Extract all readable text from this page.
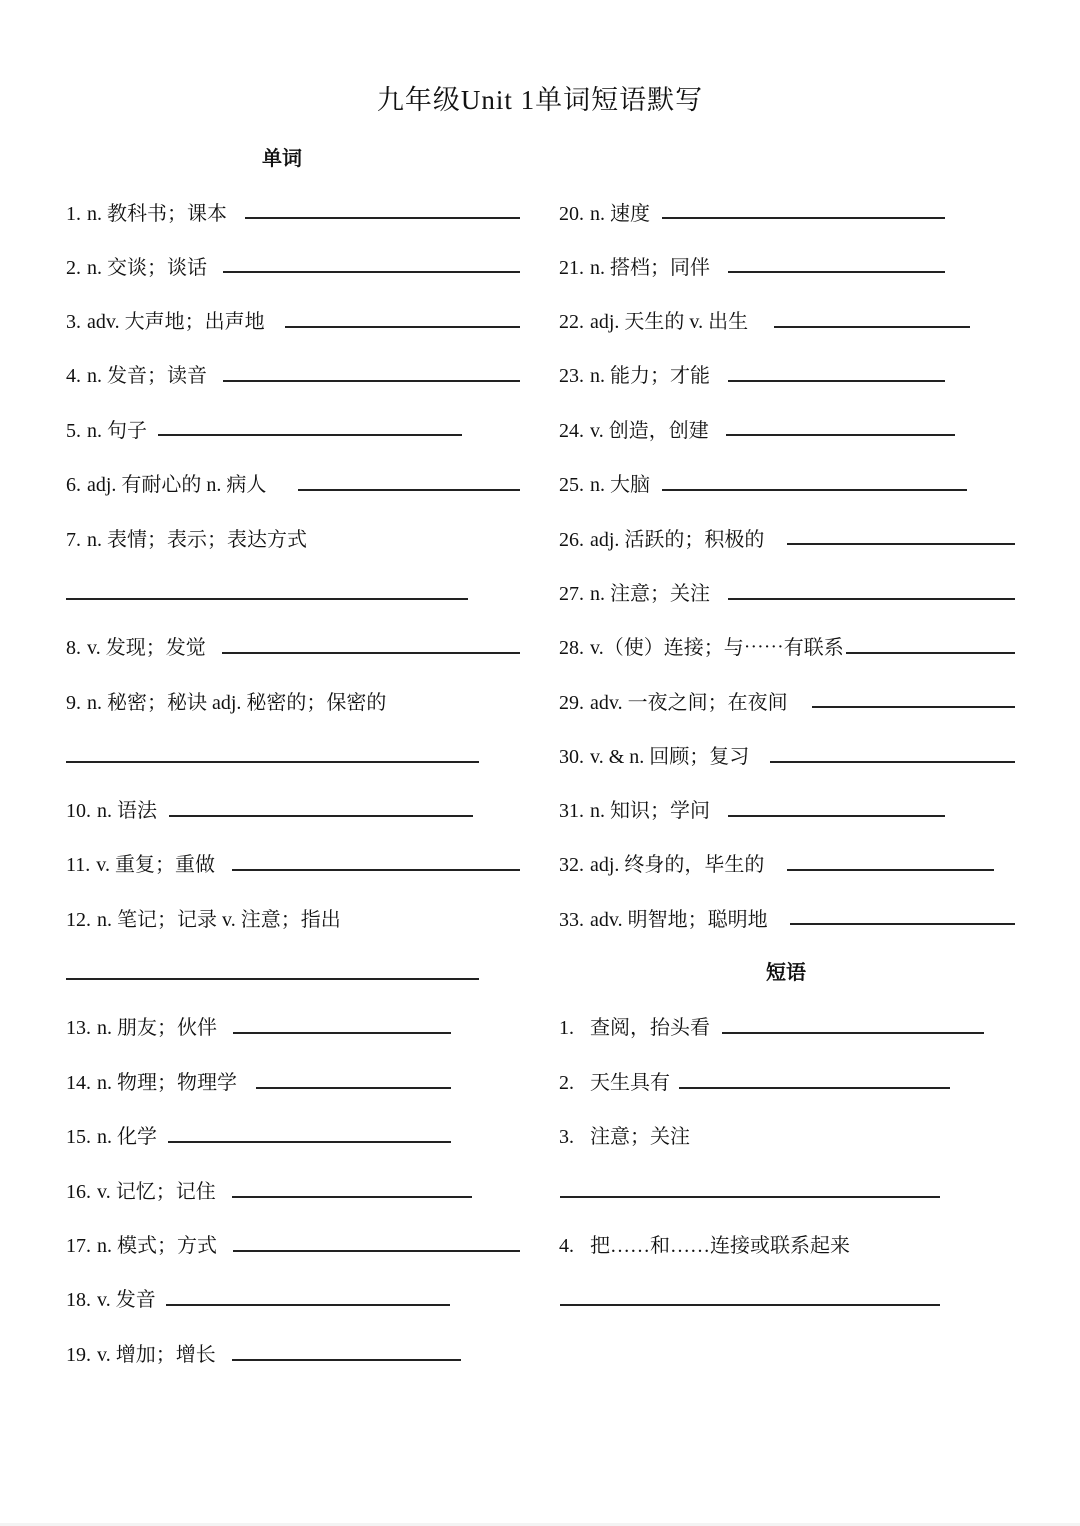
九年级Unit 1单词短语默写
单词
短语
1. n. 教科书；课本
2. n. 交谈；谈话
3. adv. 大声地；出声地
4. n. 发音；读音
5. n. 句子
6. adj. 有耐心的 n. 病人
7. n. 表情；表示；表达方式
8. v. 发现；发觉
9. n. 秘密；秘诀 adj. 秘密的；保密的
10. n. 语法
11. v. 重复；重做
12. n. 笔记；记录 v. 注意；指出
13. n. 朋友；伙伴
14. n. 物理；物理学
15. n. 化学
16. v. 记忆；记住
17. n. 模式；方式
18. v. 发音
19. v. 增加；增长
20. n. 速度
21. n. 搭档；同伴
22. adj. 天生的 v. 出生
23. n. 能力；才能
24. v. 创造，创建
25. n. 大脑
26. adj. 活跃的；积极的
27. n. 注意；关注
28. v.（使）连接；与⋯⋯有联系
29. adv. 一夜之间；在夜间
30. v. & n. 回顾；复习
31. n. 知识；学问
32. adj. 终身的，毕生的
33. adv. 明智地；聪明地
1. 查阅，抬头看
2. 天生具有
3. 注意；关注
4. 把……和……连接或联系起来
